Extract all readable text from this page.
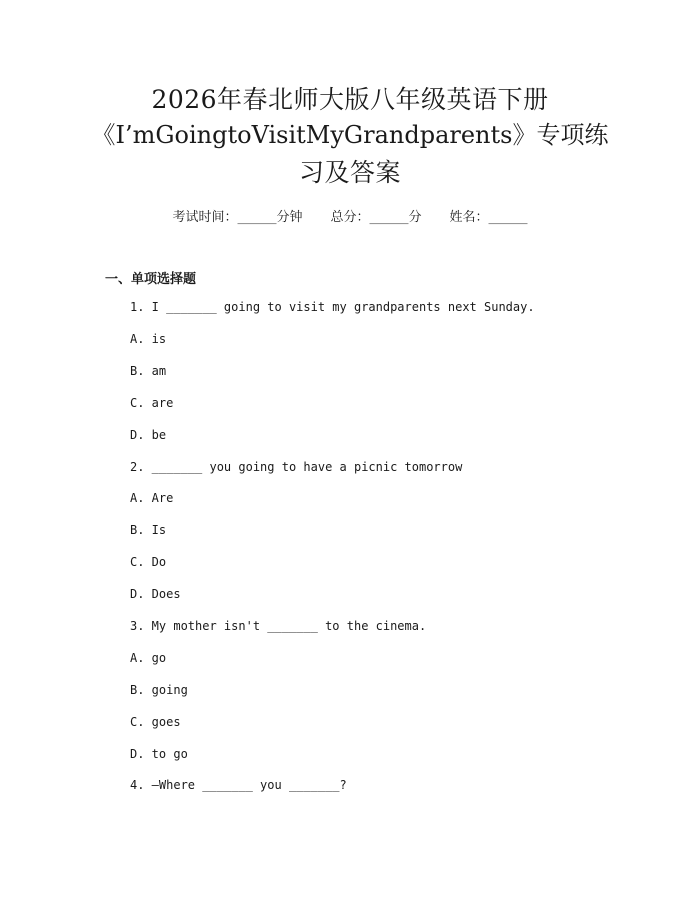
2026年春北师大版八年级英语下册
《I’mGoingtoVisitMyGrandparents》专项练
习及答案
考试时间：______分钟 总分：______分 姓名：______
一、单项选择题
1. I _______ going to visit my grandparents next Sunday.
A. is
B. am
C. are
D. be
2. _______ you going to have a picnic tomorrow
A. Are
B. Is
C. Do
D. Does
3. My mother isn't _______ to the cinema.
A. go
B. going
C. goes
D. to go
4. —Where _______ you _______?
